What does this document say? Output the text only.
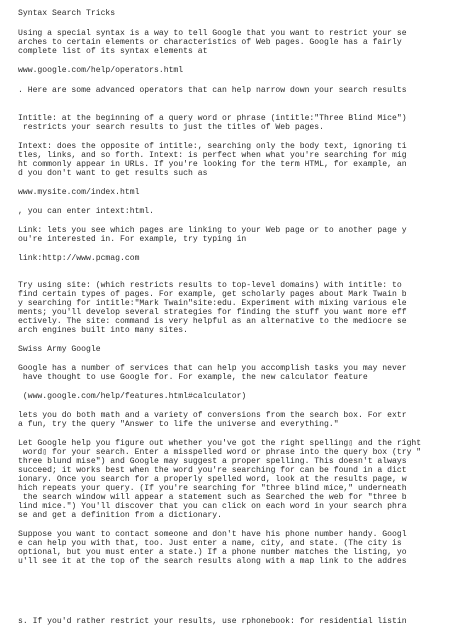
Syntax Search Tricks

Using a special syntax is a way to tell Google that you want to restrict your se

arches to certain elements or characteristics of Web pages. Google has a fairly

complete list of its syntax elements at

www.google.com/help/operators.html

. Here are some advanced operators that can help narrow down your search results

Intitle: at the beginning of a query word or phrase (intitle:"Three Blind Mice")

restricts your search results to just the titles of Web pages.

Intext: does the opposite of intitle:, searching only the body text, ignoring ti

tles, links, and so forth. Intext: is perfect when what you're searching for mig

ht commonly appear in URLs. If you're looking for the term HTML, for example, an

d you don't want to get results such as

www.mysite.com/index.html

, you can enter intext:html.

Link: lets you see which pages are linking to your Web page or to another page y

ou're interested in. For example, try typing in

link:http://www.pcmag.com

Try using site: (which restricts results to top-level domains) with intitle: to

find certain types of pages. For example, get scholarly pages about Mark Twain b

y searching for intitle:"Mark Twain"site:edu. Experiment with mixing various ele

ments; you'll develop several strategies for finding the stuff you want more eff

ectively. The site: command is very helpful as an alternative to the mediocre se

arch engines built into many sites.

Swiss Army Google

Google has a number of services that can help you accomplish tasks you may never

have thought to use Google for. For example, the new calculator feature

(www.google.com/help/features.html#calculator)

lets you do both math and a variety of conversions from the search box. For extr

a fun, try the query "Answer to life the universe and everything."

Let Google help you figure out whether you've got the right spelling▯ and the right

word▯ for your search. Enter a misspelled word or phrase into the query box (try "

three blund mise") and Google may suggest a proper spelling. This doesn't always

succeed; it works best when the word you're searching for can be found in a dict

ionary. Once you search for a properly spelled word, look at the results page, w

hich repeats your query. (If you're searching for "three blind mice," underneath

the search window will appear a statement such as Searched the web for "three b

lind mice.") You'll discover that you can click on each word in your search phra

se and get a definition from a dictionary.

Suppose you want to contact someone and don't have his phone number handy. Googl

e can help you with that, too. Just enter a name, city, and state. (The city is

optional, but you must enter a state.) If a phone number matches the listing, yo

u'll see it at the top of the search results along with a map link to the addres

s. If you'd rather restrict your results, use rphonebook: for residential listin
